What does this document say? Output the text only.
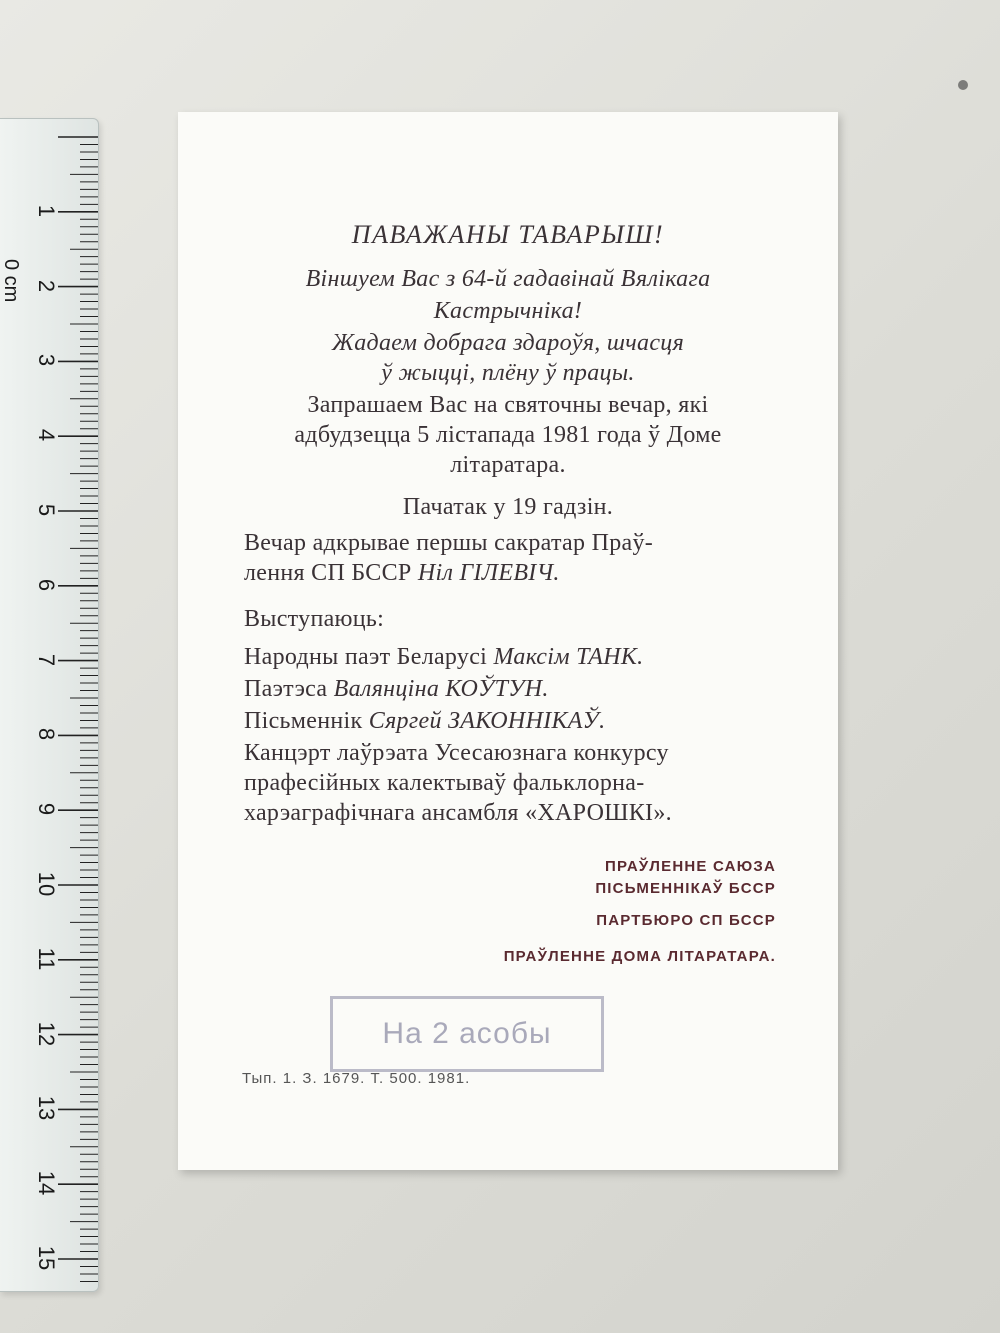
0 cm
1
2
3
4
5
6
7
8
9
10
11
12
13
14
15
ПАВАЖАНЫ ТАВАРЫШ!
Віншуем Вас з 64-й гадавінай Вялікага
Кастрычніка!
Жадаем добрага здароўя, шчасця
ў жыцці, плёну ў працы.
Запрашаем Вас на святочны вечар, які
адбудзецца 5 лістапада 1981 года ў Доме
літаратара.
Пачатак у 19 гадзін.
Вечар адкрывае першы сакратар Праў-
лення СП БССР Ніл ГІЛЕВІЧ.
Выступаюць:
Народны паэт Беларусі Максім ТАНК.
Паэтэса Валянціна КОЎТУН.
Пісьменнік Сяргей ЗАКОННІКАЎ.
Канцэрт лаўрэата Усесаюзнага конкурсу
прафесійных калектываў фальклорна-
харэаграфічнага ансамбля «ХАРОШКІ».
ПРАЎЛЕННЕ САЮЗА
ПІСЬМЕННІКАЎ БССР
ПАРТБЮРО СП БССР
ПРАЎЛЕННЕ ДОМА ЛІТАРАТАРА.
На 2 асобы
Тып. 1. З. 1679. Т. 500. 1981.
